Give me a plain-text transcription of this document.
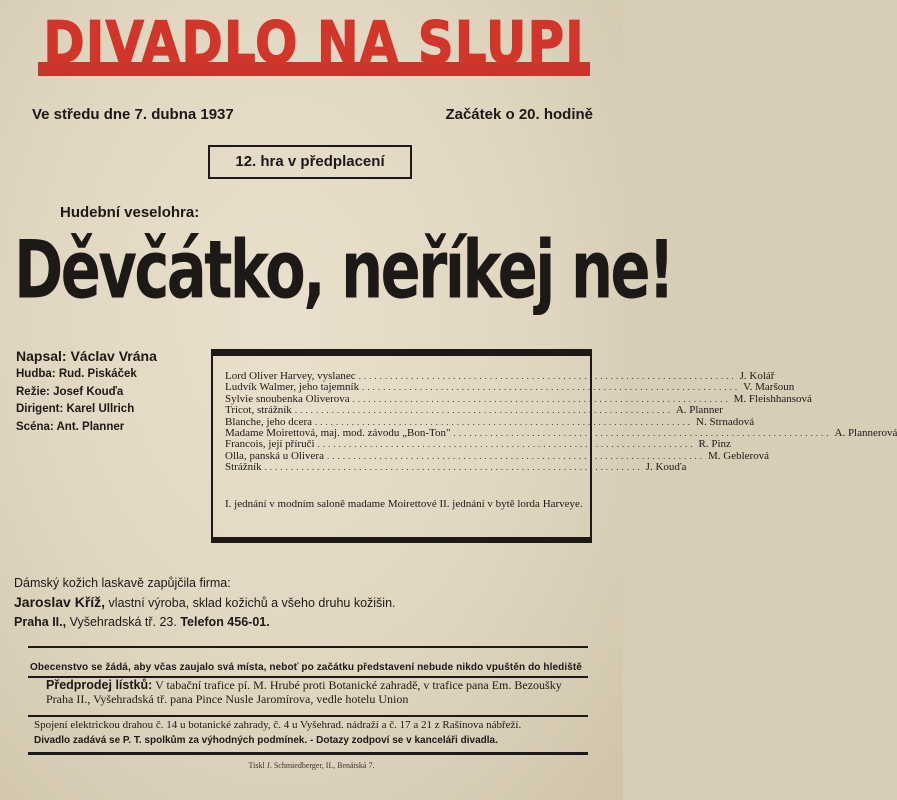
DIVADLO NA SLUPI
Ve středu dne 7. dubna 1937	Začátek o 20. hodině
12. hra v předplacení
Hudební veselohra:
Děvčátko, neříkej ne!
Napsal: Václav Vrána
Hudba: Rud. Piskáček
Režie: Josef Kouďa
Dirigent: Karel Ullrich
Scéna: Ant. Planner
Lord Oliver Harvey, vyslanec ........................................................................ J. Kolář
Ludvík Walmer, jeho tajemník ........................................................................ V. Maršoun
Sylvie snoubenka Oliverova ........................................................................ M. Fleishhansová
Tricot, strážník ........................................................................ A. Planner
Blanche, jeho dcera ........................................................................ N. Strnadová
Madame Moirettová, maj. mod. závodu „Bon-Ton" ........................................................................ A. Plannerová
Francois, její příruči ........................................................................ R. Pinz
Olla, panská u Olivera ........................................................................ M. Geblerová
Strážník ........................................................................ J. Kouďa
I. jednání v modním saloně madame Moirettové II. jednání v bytě lorda Harveye.
Dámský kožich laskavě zapůjčila firma:
Jaroslav Kříž, vlastní výroba, sklad kožichů a všeho druhu kožišin.
Praha II., Vyšehradská tř. 23. Telefon 456-01.
Obecenstvo se žádá, aby včas zaujalo svá místa, neboť po začátku představení nebude nikdo vpuštěn do hlediště
Předprodej lístků: V tabační trafice pí. M. Hrubé proti Botanické zahradě, v trafice pana Em. Bezoušky Praha II., Vyšehradská tř. pana Pince Nusle Jaromírova, vedle hotelu Union
Spojení elektrickou drahou č. 14 u botanické zahrady, č. 4 u Vyšehrad. nádraží a č. 17 a 21 z Rašínova nábřeží.
Divadlo zadává se P. T. spolkům za výhodných podmínek. - Dotazy zodpoví se v kanceláři divadla.
Tiskl J. Schmiedberger, II., Benátská 7.
